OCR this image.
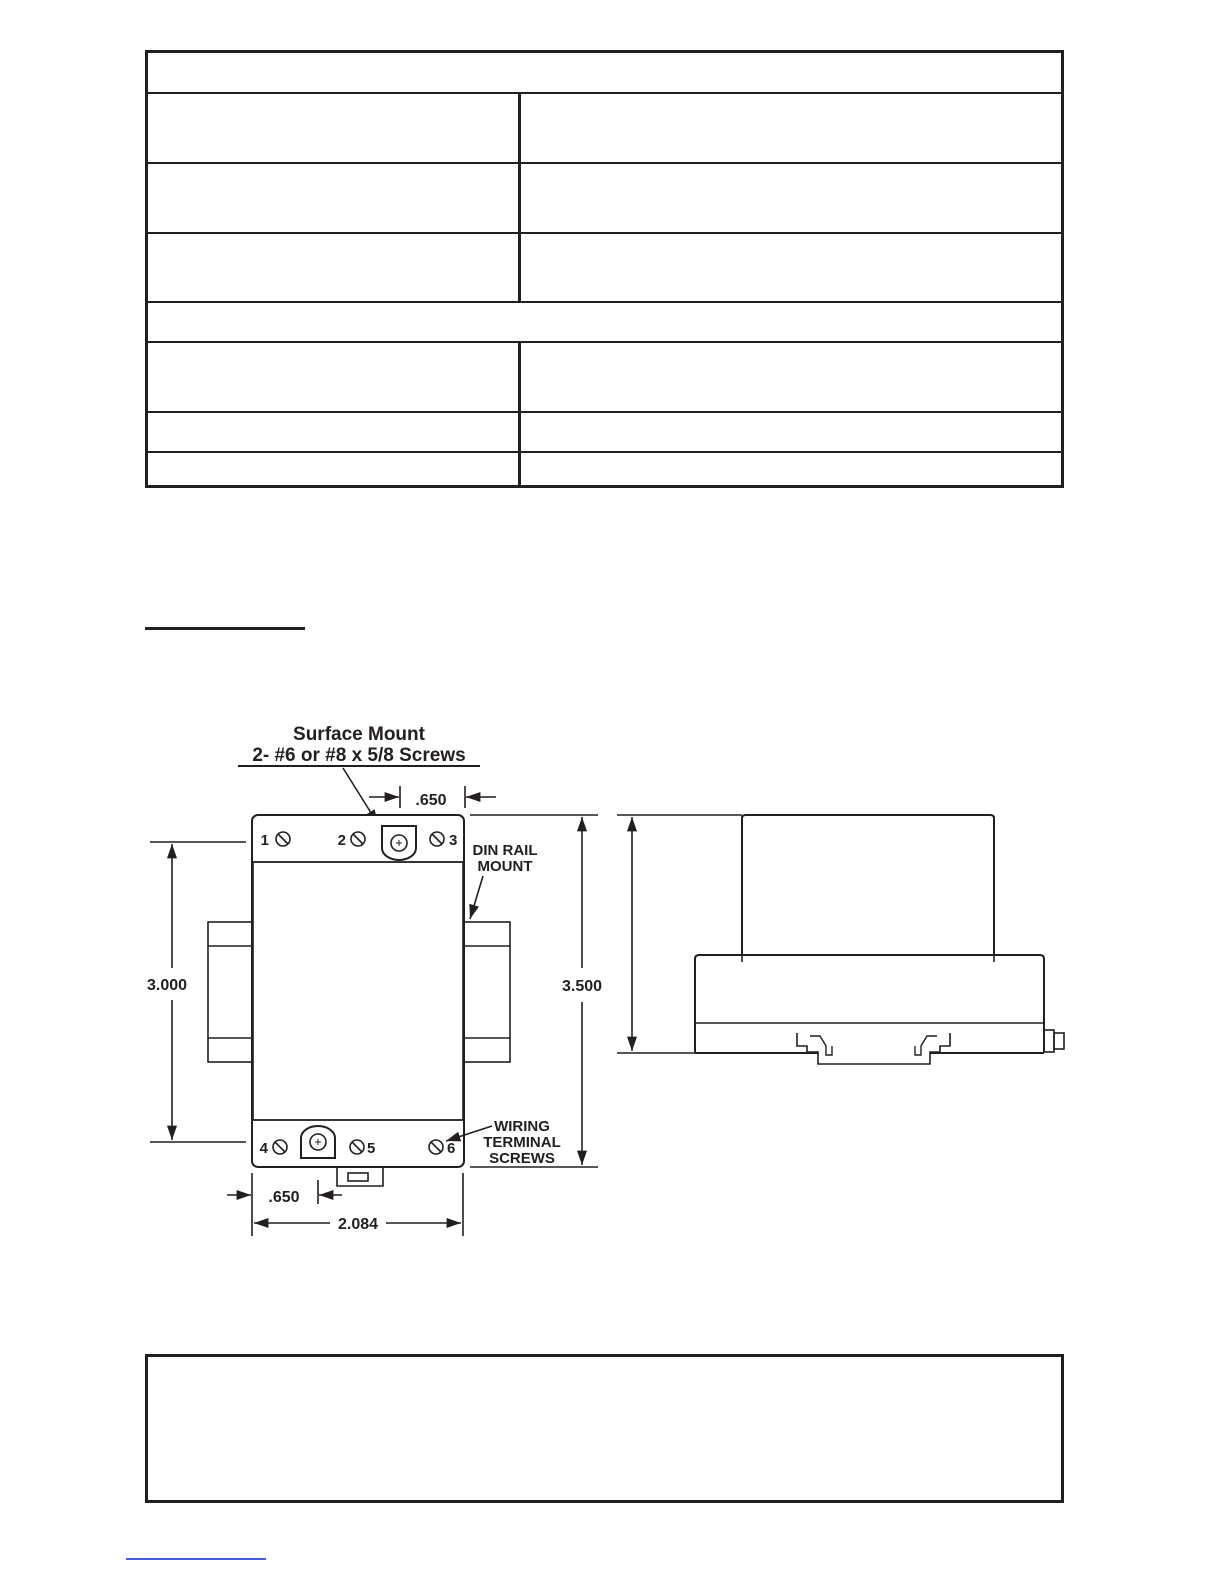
Surface Mount
2- #6 or #8 x 5/8 Screws
.650
1	2	3
4	5	6
DIN RAIL
MOUNT
WIRING
TERMINAL
SCREWS
3.000	3.500
.650
2.084
